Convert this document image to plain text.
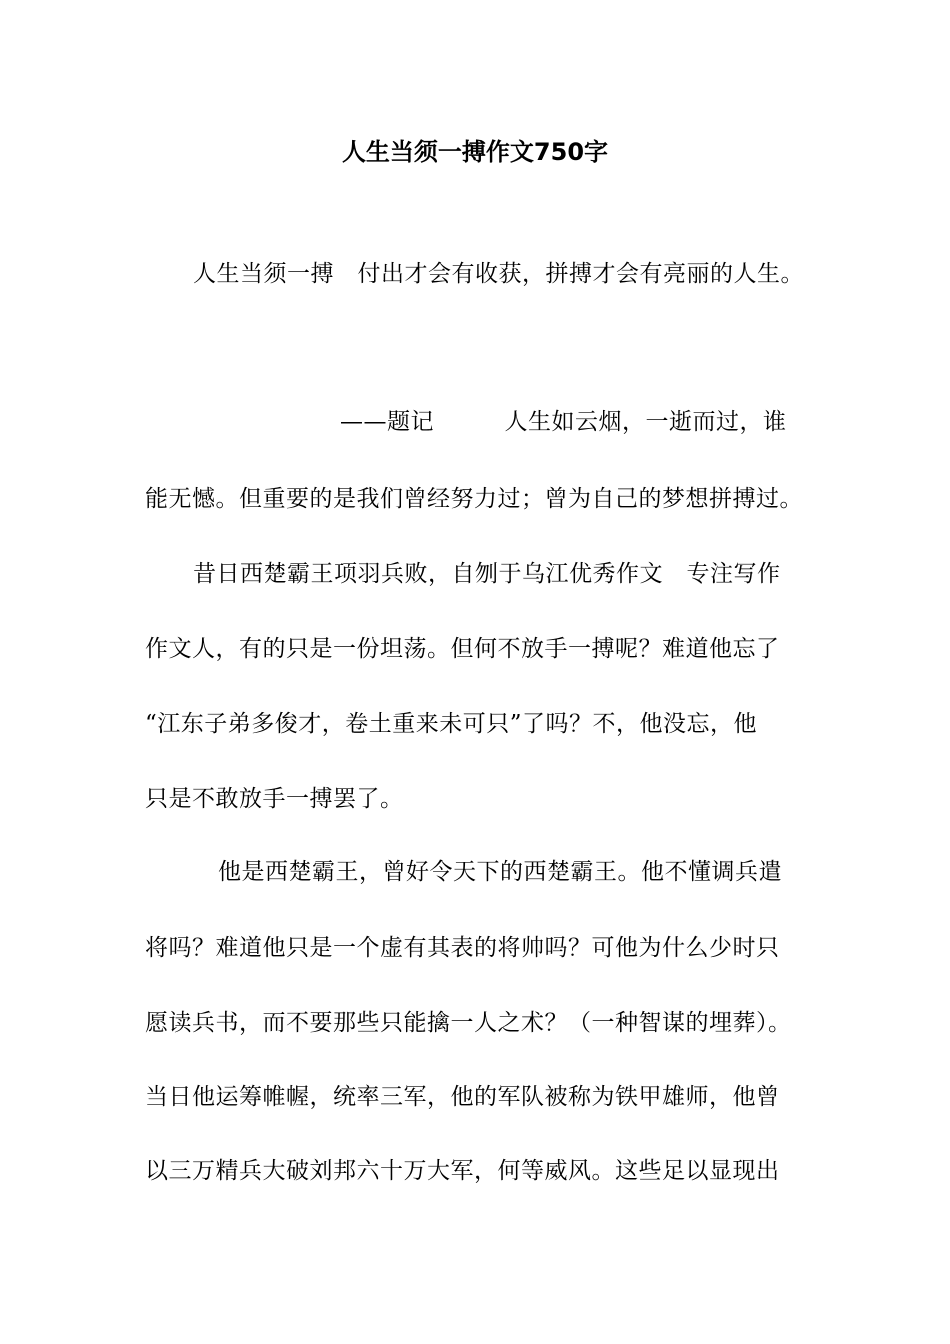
人生当须一搏作文750字
人生当须一搏　付出才会有收获，拼搏才会有亮丽的人生。
——题记　　　人生如云烟，一逝而过，谁
能无憾。但重要的是我们曾经努力过；曾为自己的梦想拼搏过。
昔日西楚霸王项羽兵败，自刎于乌江优秀作文　专注写作
作文人，有的只是一份坦荡。但何不放手一搏呢？难道他忘了
“江东子弟多俊才，卷土重来未可只”了吗？不，他没忘，他
只是不敢放手一搏罢了。
他是西楚霸王，曾好令天下的西楚霸王。他不懂调兵遣
将吗？难道他只是一个虚有其表的将帅吗？可他为什么少时只
愿读兵书，而不要那些只能擒一人之术？（一种智谋的埋葬）。
当日他运筹帷幄，统率三军，他的军队被称为铁甲雄师，他曾
以三万精兵大破刘邦六十万大军，何等威风。这些足以显现出
